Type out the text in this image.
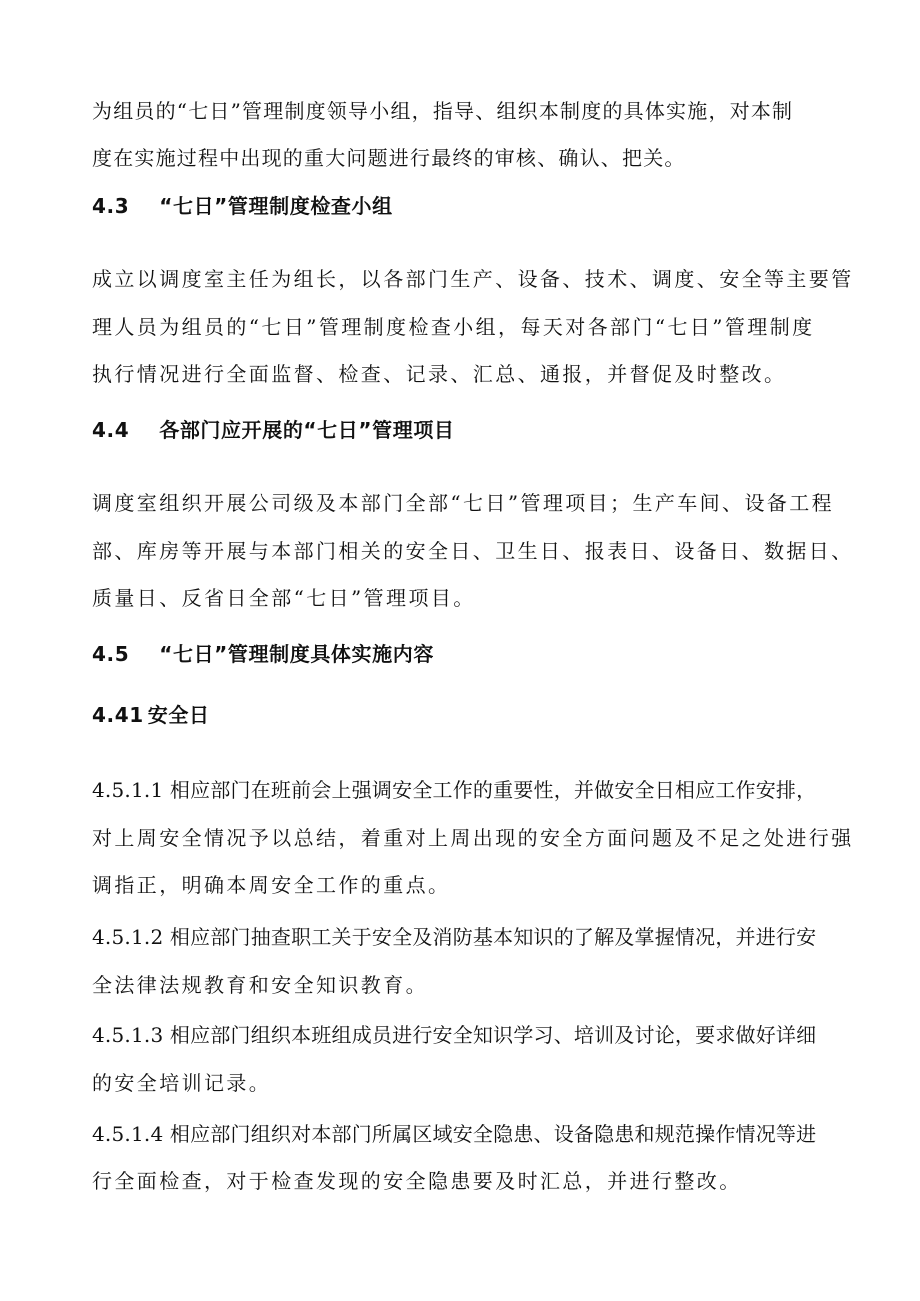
为组员的“七日”管理制度领导小组，指导、组织本制度的具体实施，对本制
度在实施过程中出现的重大问题进行最终的审核、确认、把关。
4.3 “七日”管理制度检查小组
成立以调度室主任为组长，以各部门生产、设备、技术、调度、安全等主要管
理人员为组员的“七日”管理制度检查小组，每天对各部门“七日”管理制度
执行情况进行全面监督、检查、记录、汇总、通报，并督促及时整改。
4.4 各部门应开展的“七日”管理项目
调度室组织开展公司级及本部门全部“七日”管理项目；生产车间、设备工程
部、库房等开展与本部门相关的安全日、卫生日、报表日、设备日、数据日、
质量日、反省日全部“七日”管理项目。
4.5 “七日”管理制度具体实施内容
4.41 安全日
4.5.1.1 相应部门在班前会上强调安全工作的重要性，并做安全日相应工作安排，
对上周安全情况予以总结，着重对上周出现的安全方面问题及不足之处进行强
调指正，明确本周安全工作的重点。
4.5.1.2 相应部门抽查职工关于安全及消防基本知识的了解及掌握情况，并进行安
全法律法规教育和安全知识教育。
4.5.1.3 相应部门组织本班组成员进行安全知识学习、培训及讨论，要求做好详细
的安全培训记录。
4.5.1.4 相应部门组织对本部门所属区域安全隐患、设备隐患和规范操作情况等进
行全面检查，对于检查发现的安全隐患要及时汇总，并进行整改。
